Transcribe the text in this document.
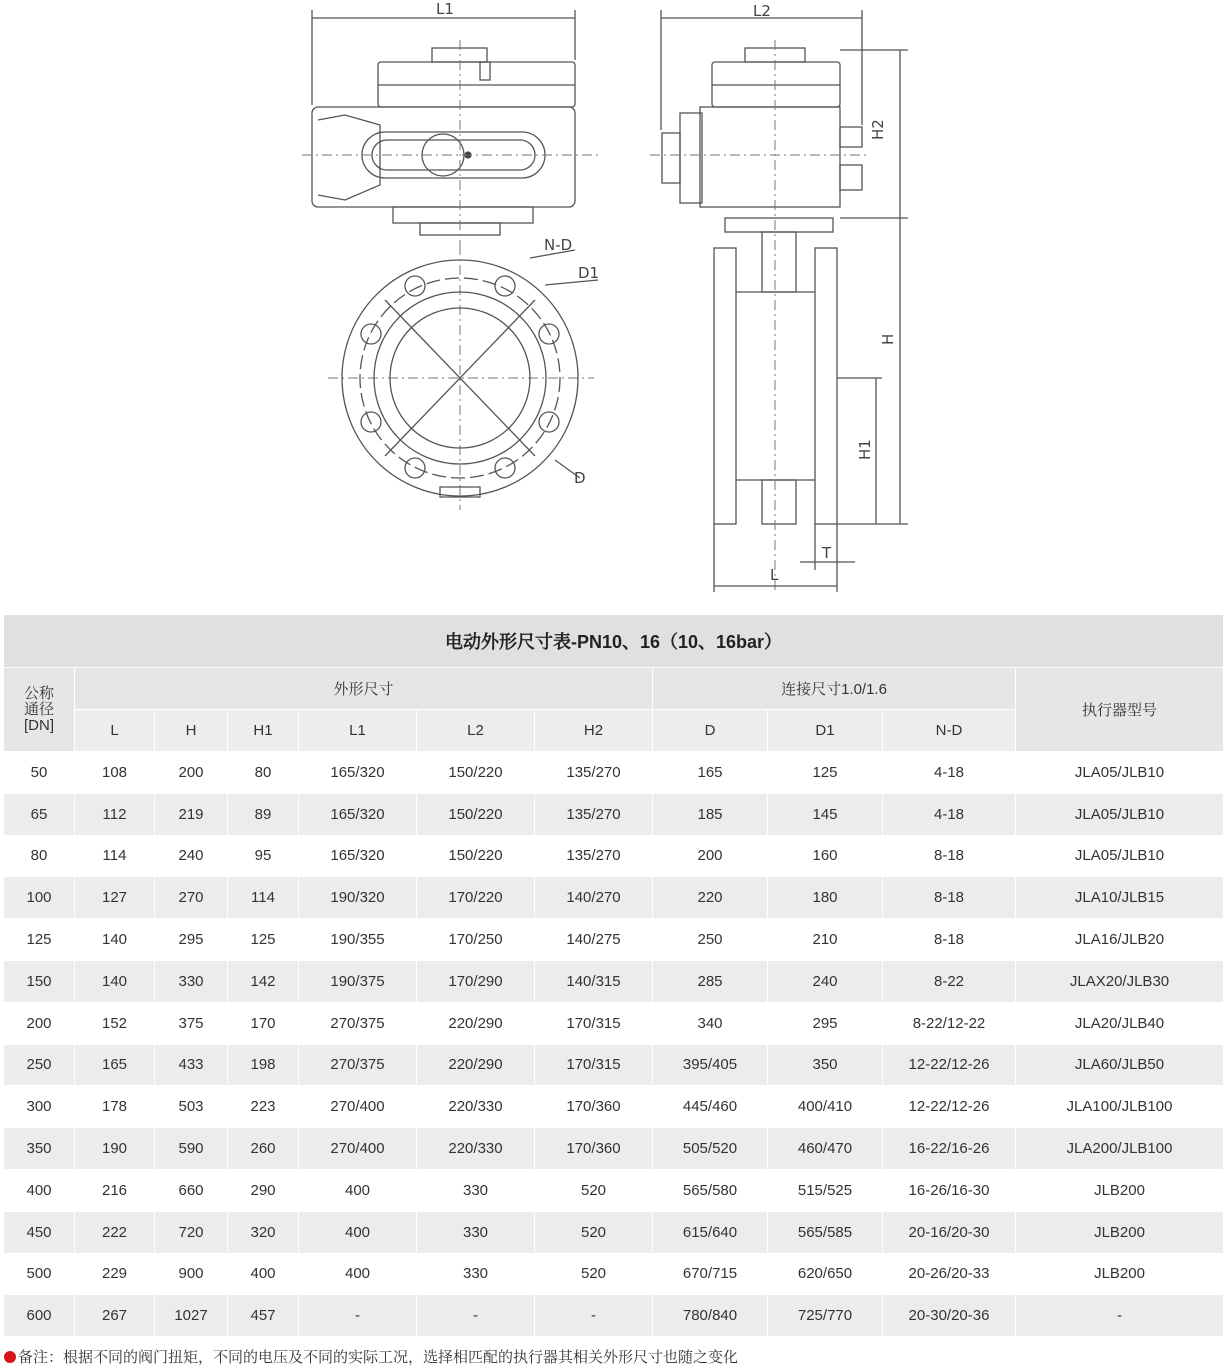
L1	L2
H2
H
H1
T
L
N-D
D1
D
电动外形尺寸表-PN10、16（10、16bar）										
公称
通径
[DN]	外形尺寸						连接尺寸1.0/1.6			执行器型号
	L	H	H1	L1	L2	H2	D	D1	N-D	
50	108	200	80	165/320	150/220	135/270	165	125	4-18	JLA05/JLB10
65	112	219	89	165/320	150/220	135/270	185	145	4-18	JLA05/JLB10
80	114	240	95	165/320	150/220	135/270	200	160	8-18	JLA05/JLB10
100	127	270	114	190/320	170/220	140/270	220	180	8-18	JLA10/JLB15
125	140	295	125	190/355	170/250	140/275	250	210	8-18	JLA16/JLB20
150	140	330	142	190/375	170/290	140/315	285	240	8-22	JLAX20/JLB30
200	152	375	170	270/375	220/290	170/315	340	295	8-22/12-22	JLA20/JLB40
250	165	433	198	270/375	220/290	170/315	395/405	350	12-22/12-26	JLA60/JLB50
300	178	503	223	270/400	220/330	170/360	445/460	400/410	12-22/12-26	JLA100/JLB100
350	190	590	260	270/400	220/330	170/360	505/520	460/470	16-22/16-26	JLA200/JLB100
400	216	660	290	400	330	520	565/580	515/525	16-26/16-30	JLB200
450	222	720	320	400	330	520	615/640	565/585	20-16/20-30	JLB200
500	229	900	400	400	330	520	670/715	620/650	20-26/20-33	JLB200
600	267	1027	457	-	-	-	780/840	725/770	20-30/20-36	-
备注：根据不同的阀门扭矩，不同的电压及不同的实际工况，选择相匹配的执行器其相关外形尺寸也随之变化
